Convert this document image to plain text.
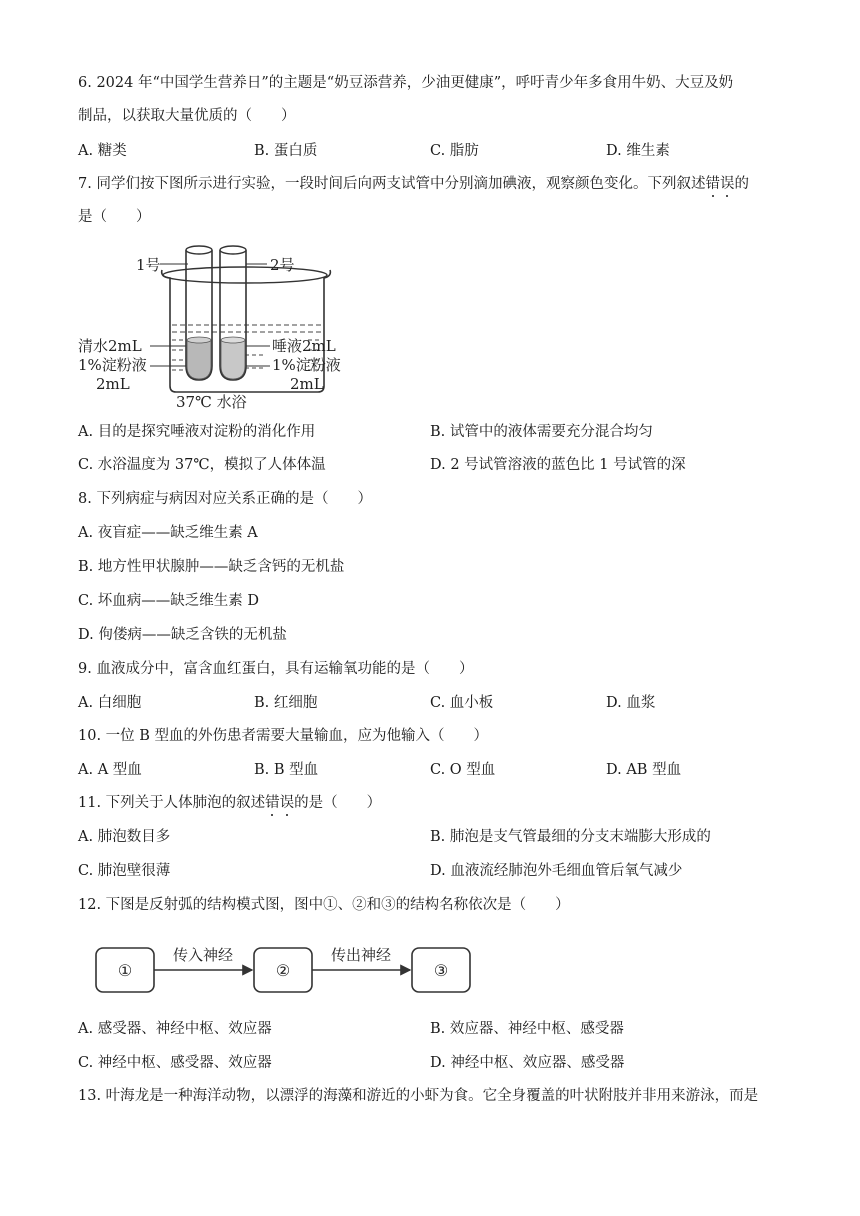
6. 2024 年“中国学生营养日”的主题是“奶豆添营养，少油更健康”，呼吁青少年多食用牛奶、大豆及奶
制品，以获取大量优质的（　　）
A. 糖类	B. 蛋白质	C. 脂肪	D. 维生素
7. 同学们按下图所示进行实验，一段时间后向两支试管中分别滴加碘液，观察颜色变化。下列叙述错误的
是（　　）
1号	2号
清水2mL
1%淀粉液
2mL
唾液2mL
1%淀粉液
2mL
37℃ 水浴
A. 目的是探究唾液对淀粉的消化作用	B. 试管中的液体需要充分混合均匀
C. 水浴温度为 37℃，模拟了人体体温	D. 2 号试管溶液的蓝色比 1 号试管的深
8. 下列病症与病因对应关系正确的是（　　）
A. 夜盲症——缺乏维生素 A
B. 地方性甲状腺肿——缺乏含钙的无机盐
C. 坏血病——缺乏维生素 D
D. 佝偻病——缺乏含铁的无机盐
9. 血液成分中，富含血红蛋白，具有运输氧功能的是（　　）
A. 白细胞	B. 红细胞	C. 血小板	D. 血浆
10. 一位 B 型血的外伤患者需要大量输血，应为他输入（　　）
A. A 型血	B. B 型血	C. O 型血	D. AB 型血
11. 下列关于人体肺泡的叙述错误的是（　　）
A. 肺泡数目多	B. 肺泡是支气管最细的分支末端膨大形成的
C. 肺泡壁很薄	D. 血液流经肺泡外毛细血管后氧气减少
12. 下图是反射弧的结构模式图，图中①、②和③的结构名称依次是（　　）
①	②	③
传入神经	传出神经
A. 感受器、神经中枢、效应器	B. 效应器、神经中枢、感受器
C. 神经中枢、感受器、效应器	D. 神经中枢、效应器、感受器
13. 叶海龙是一种海洋动物，以漂浮的海藻和游近的小虾为食。它全身覆盖的叶状附肢并非用来游泳，而是
